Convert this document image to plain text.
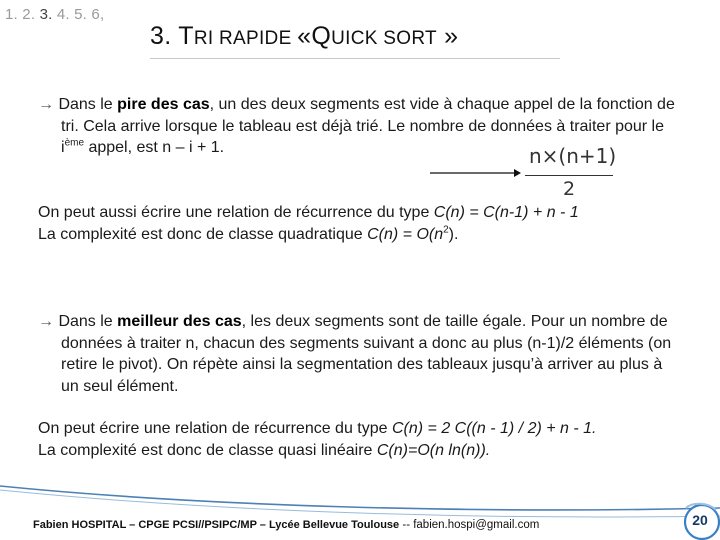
1. 2. 3. 4. 5. 6,
3. TRI RAPIDE «QUICK SORT »
→ Dans le pire des cas, un des deux segments est vide à chaque appel de la fonction de tri. Cela arrive lorsque le tableau est déjà trié. Le nombre de données à traiter pour le $i^{ème}$ appel, est n – i + 1.	n×(n+1)
2
On peut aussi écrire une relation de récurrence du type C(n) = C(n-1) + n - 1
La complexité est donc de classe quadratique $C(n) = O(n^2)$.
→ Dans le meilleur des cas, les deux segments sont de taille égale. Pour un nombre de données à traiter n, chacun des segments suivant a donc au plus (n-1)/2 éléments (on retire le pivot). On répète ainsi la segmentation des tableaux jusqu’à arriver au plus à un seul élément.
On peut écrire une relation de récurrence du type C(n) = 2 C((n - 1) / 2) + n - 1.
La complexité est donc de classe quasi linéaire C(n)=O(n ln(n)).
Fabien HOSPITAL – CPGE PCSI//PSIPC/MP – Lycée Bellevue Toulouse -- fabien.hospi@gmail.com	20
